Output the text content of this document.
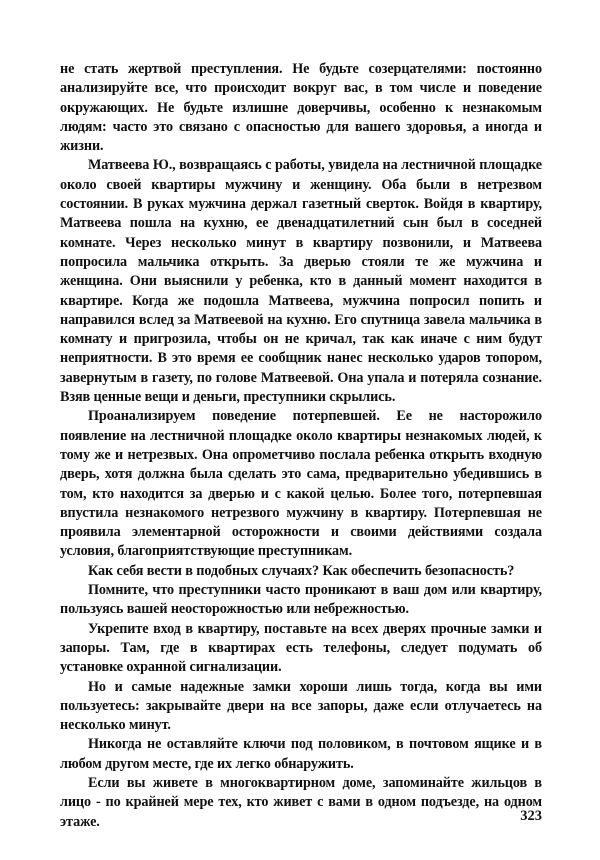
не стать жертвой преступления. Не будьте созерцателями: постоянно анализируйте все, что происходит вокруг вас, в том числе и поведение окружающих. Не будьте излишне доверчивы, особенно к незнакомым людям: часто это связано с опасностью для вашего здоровья, а иногда и жизни.

Матвеева Ю., возвращаясь с работы, увидела на лестничной площадке около своей квартиры мужчину и женщину. Оба были в нетрезвом состоянии. В руках мужчина держал газетный сверток. Войдя в квартиру, Матвеева пошла на кухню, ее двенадцатилетний сын был в соседней комнате. Через несколько минут в квартиру позвонили, и Матвеева попросила мальчика открыть. За дверью стояли те же мужчина и женщина. Они выяснили у ребенка, кто в данный момент находится в квартире. Когда же подошла Матвеева, мужчина попросил попить и направился вслед за Матвеевой на кухню. Его спутница завела мальчика в комнату и пригрозила, чтобы он не кричал, так как иначе с ним будут неприятности. В это время ее сообщник нанес несколько ударов топором, завернутым в газету, по голове Матвеевой. Она упала и потеряла сознание. Взяв ценные вещи и деньги, преступники скрылись.

Проанализируем поведение потерпевшей. Ее не насторожило появление на лестничной площадке около квартиры незнакомых людей, к тому же и нетрезвых. Она опрометчиво послала ребенка открыть входную дверь, хотя должна была сделать это сама, предварительно убедившись в том, кто находится за дверью и с какой целью. Более того, потерпевшая впустила незнакомого нетрезвого мужчину в квартиру. Потерпевшая не проявила элементарной осторожности и своими действиями создала условия, благоприятствующие преступникам.

Как себя вести в подобных случаях? Как обеспечить безопасность?

Помните, что преступники часто проникают в ваш дом или квартиру, пользуясь вашей неосторожностью или небрежностью.

Укрепите вход в квартиру, поставьте на всех дверях прочные замки и запоры. Там, где в квартирах есть телефоны, следует подумать об установке охранной сигнализации.

Но и самые надежные замки хороши лишь тогда, когда вы ими пользуетесь: закрывайте двери на все запоры, даже если отлучаетесь на несколько минут.

Никогда не оставляйте ключи под половиком, в почтовом ящике и в любом другом месте, где их легко обнаружить.

Если вы живете в многоквартирном доме, запоминайте жильцов в лицо - по крайней мере тех, кто живет с вами в одном подъезде, на одном этаже.	323
